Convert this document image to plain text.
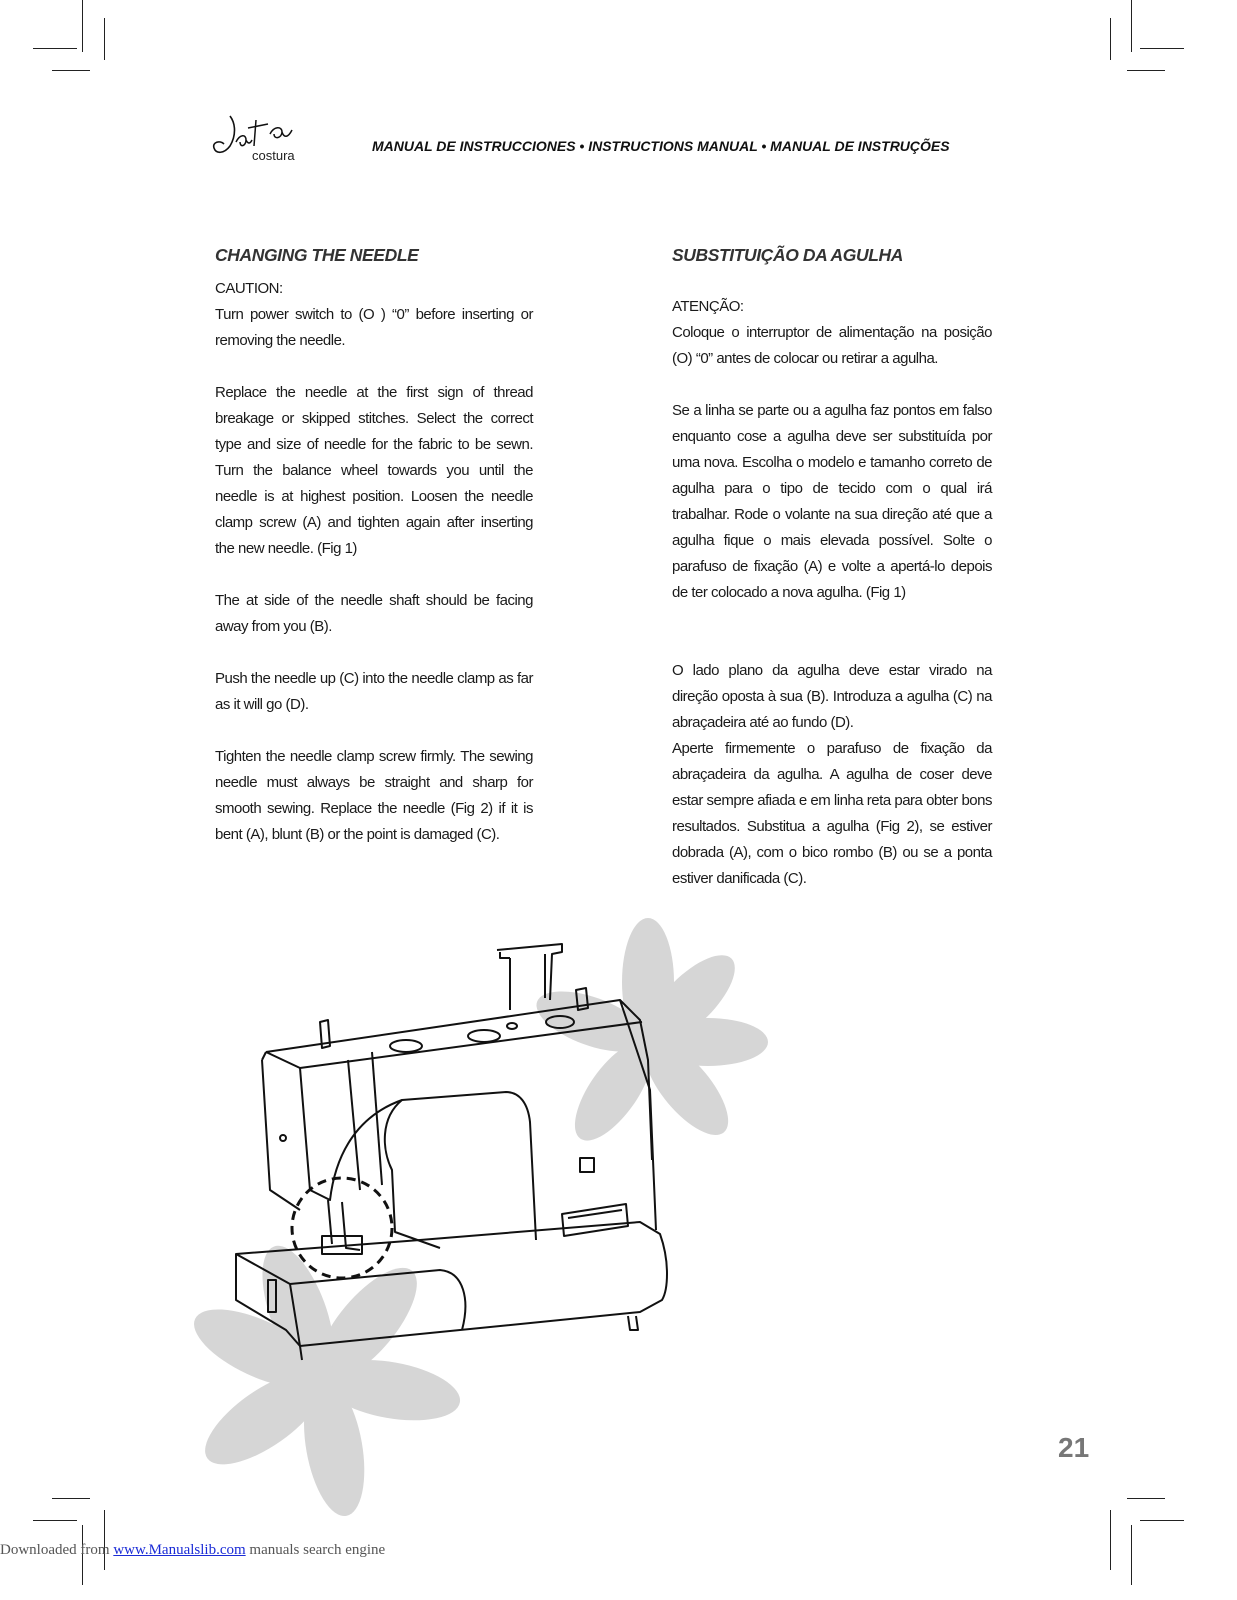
costura
MANUAL DE INSTRUCCIONES • INSTRUCTIONS MANUAL • MANUAL DE INSTRUÇÕES
CHANGING THE NEEDLE

CAUTION:

Turn power switch to (O ) “0” before inserting or removing the needle.

Replace the needle at the first sign of thread breakage or skipped stitches. Select the correct type and size of needle for the fabric to be sewn. Turn the balance wheel towards you until the needle is at highest position. Loosen the needle clamp screw (A) and tighten again after inserting the new needle. (Fig 1)

The at side of the needle shaft should be facing away from you (B).

Push the needle up (C) into the needle clamp as far as it will go (D).

Tighten the needle clamp screw firmly. The sewing needle must always be straight and sharp for smooth sewing. Replace the needle (Fig 2) if it is bent (A), blunt (B) or the point is damaged (C).

SUBSTITUIÇÃO DA AGULHA

ATENÇÃO:

Coloque o interruptor de alimentação na posição (O) “0” antes de colocar ou retirar a agulha.

Se a linha se parte ou a agulha faz pontos em falso enquanto cose a agulha deve ser substituída por uma nova. Escolha o modelo e tamanho correto de agulha para o tipo de tecido com o qual irá trabalhar. Rode o volante na sua direção até que a agulha fique o mais elevada possível. Solte o parafuso de fixação (A) e volte a apertá-lo depois de ter colocado a nova agulha. (Fig 1)

O lado plano da agulha deve estar virado na direção oposta à sua (B). Introduza a agulha (C) na abraçadeira até ao fundo (D).

Aperte firmemente o parafuso de fixação da abraçadeira da agulha. A agulha de coser deve estar sempre afiada e em linha reta para obter bons resultados. Substitua a agulha (Fig 2), se estiver dobrada (A), com o bico rombo (B) ou se a ponta estiver danificada (C).

21
Downloaded from www.Manualslib.com manuals search engine
